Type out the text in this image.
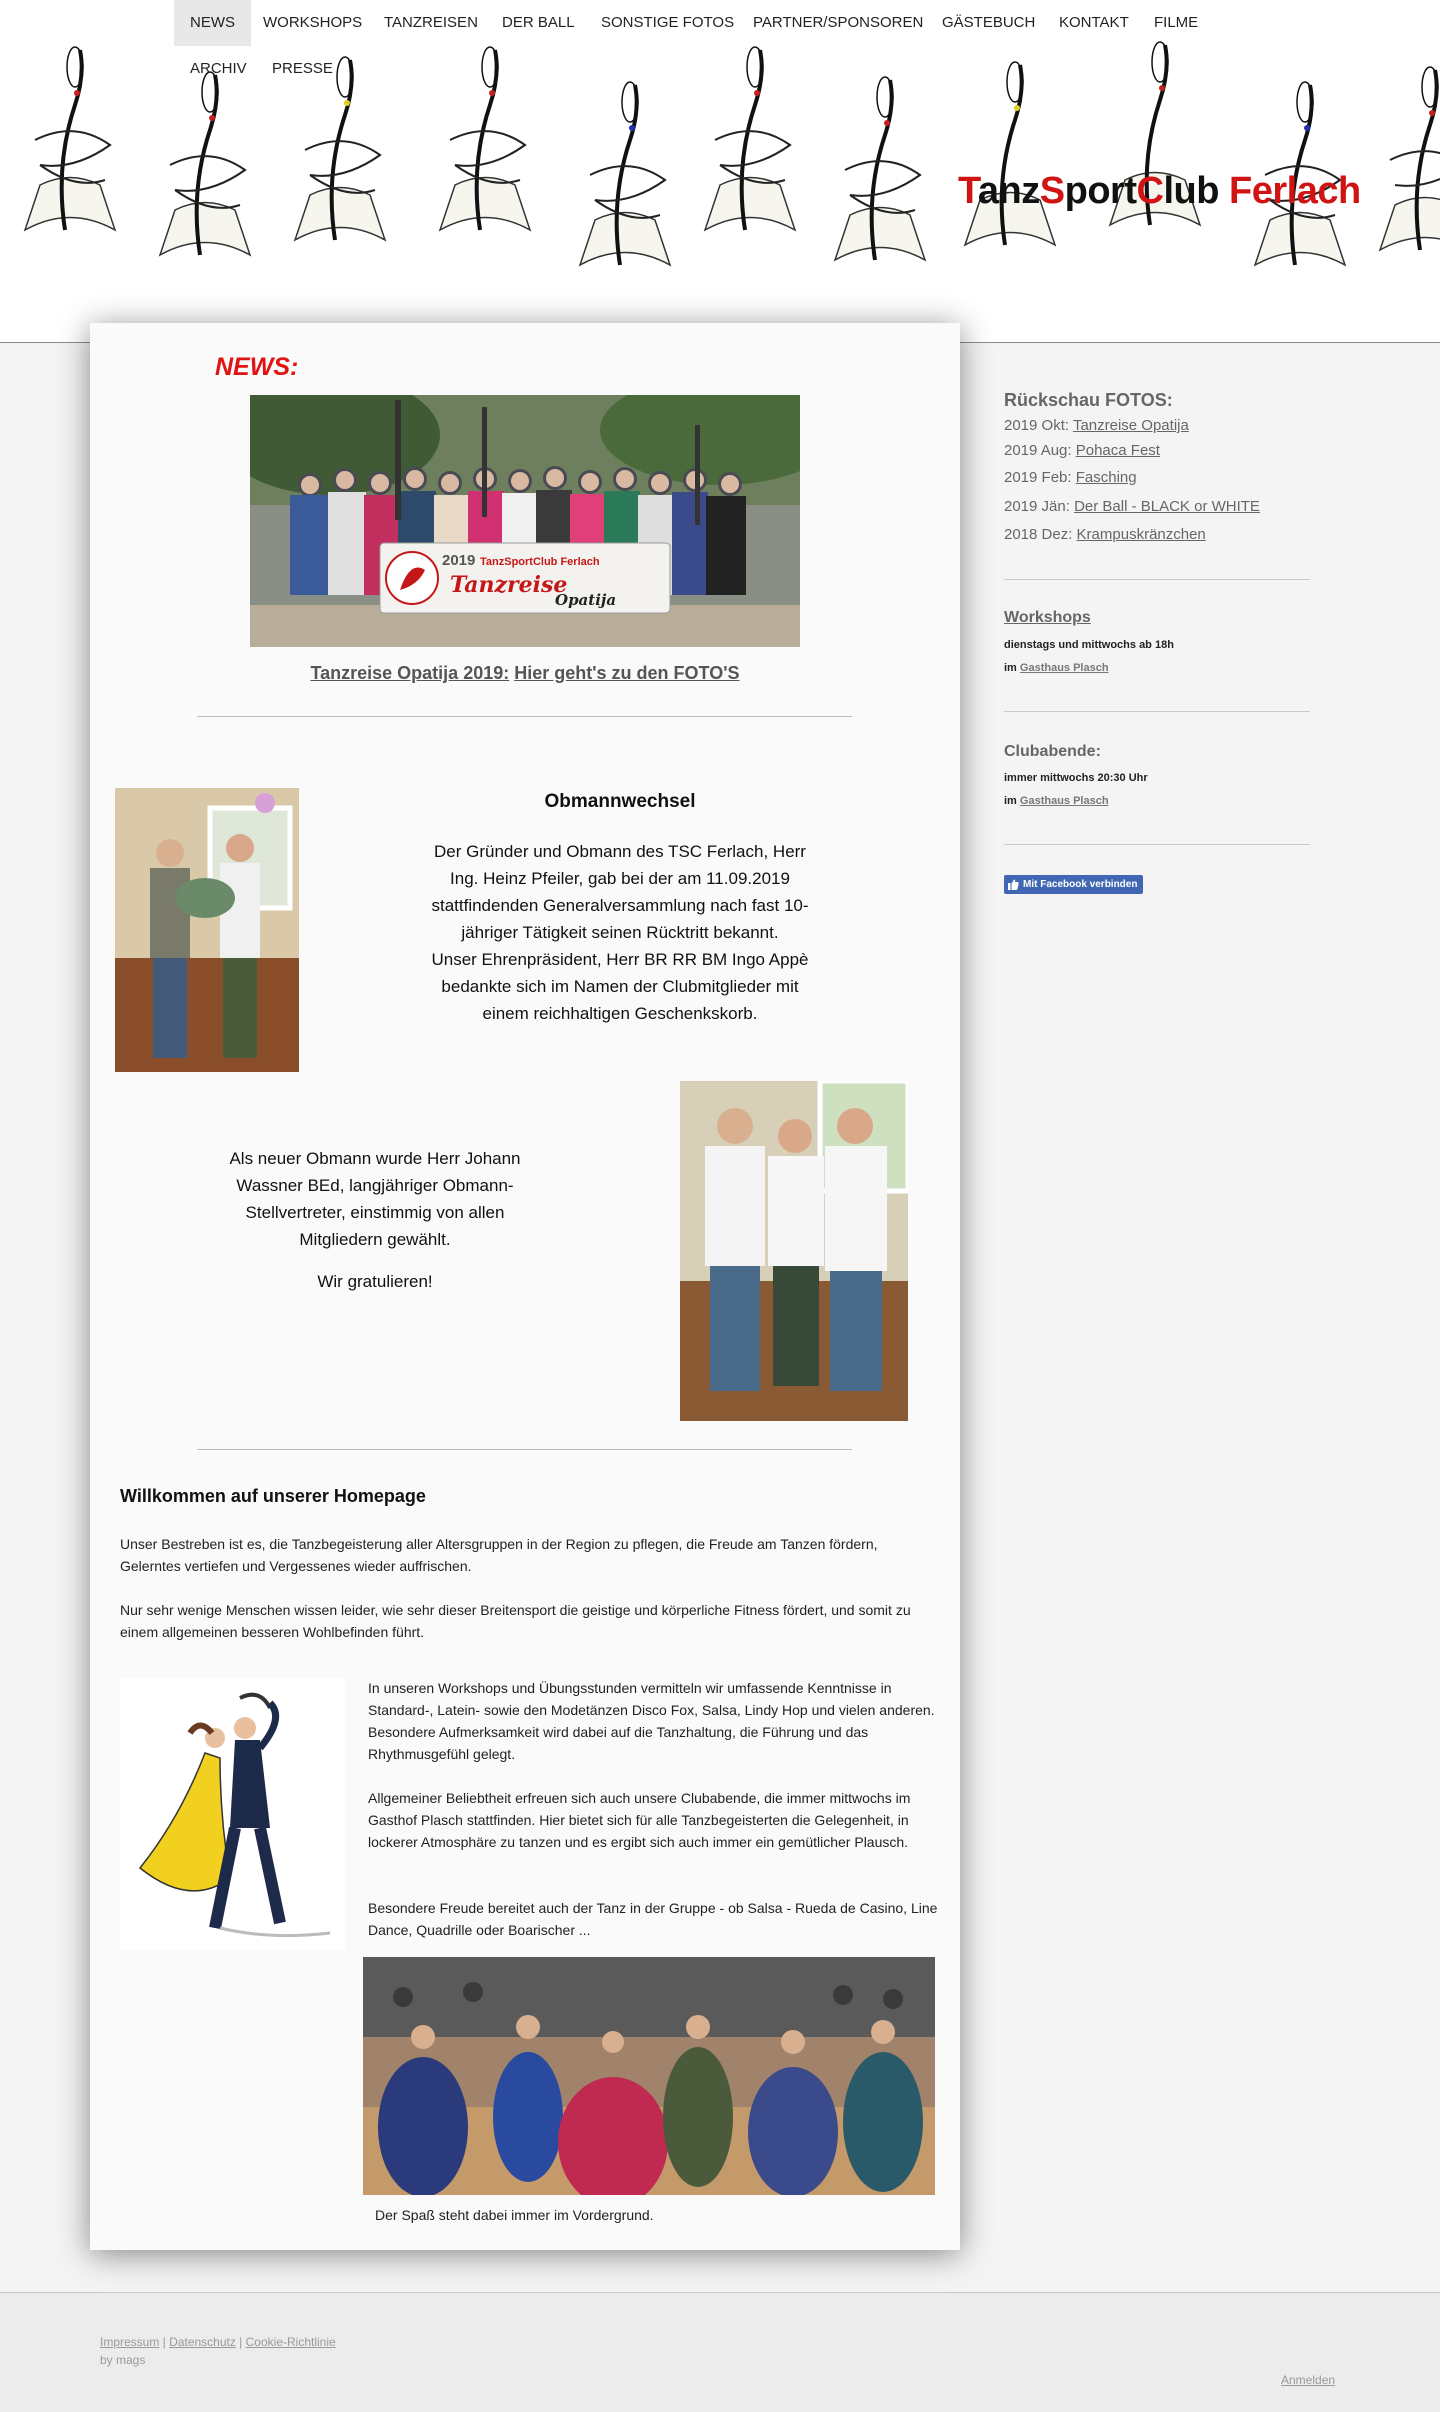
TanzSportClub Ferlach
NEWS	WORKSHOPS	TANZREISEN	DER BALL	SONSTIGE FOTOS	PARTNER/SPONSOREN	GÄSTEBUCH	KONTAKT	FILME
ARCHIV	PRESSE
NEWS:
2019 TanzSportClub Ferlach
Tanzreise
Opatija
Tanzreise Opatija 2019: Hier geht's zu den FOTO'S
Obmannwechsel
Der Gründer und Obmann des TSC Ferlach, Herr Ing. Heinz Pfeiler, gab bei der am 11.09.2019 stattfindenden Generalversammlung nach fast 10-jähriger Tätigkeit seinen Rücktritt bekannt.
Unser Ehrenpräsident, Herr BR RR BM Ingo Appè bedankte sich im Namen der Clubmitglieder mit einem reichhaltigen Geschenkskorb.

Als neuer Obmann wurde Herr Johann Wassner BEd, langjähriger Obmann-Stellvertreter, einstimmig von allen Mitgliedern gewählt.

Wir gratulieren!

Willkommen auf unserer Homepage

Unser Bestreben ist es, die Tanzbegeisterung aller Altersgruppen in der Region zu pflegen, die Freude am Tanzen fördern, Gelerntes vertiefen und Vergessenes wieder auffrischen.

Nur sehr wenige Menschen wissen leider, wie sehr dieser Breitensport die geistige und körperliche Fitness fördert, und somit zu einem allgemeinen besseren Wohlbefinden führt.

In unseren Workshops und Übungsstunden vermitteln wir umfassende Kenntnisse in Standard-, Latein- sowie den Modetänzen Disco Fox, Salsa, Lindy Hop und vielen anderen. Besondere Aufmerksamkeit wird dabei auf die Tanzhaltung, die Führung und das Rhythmusgefühl gelegt.

Allgemeiner Beliebtheit erfreuen sich auch unsere Clubabende, die immer mittwochs im Gasthof Plasch stattfinden. Hier bietet sich für alle Tanzbegeisterten die Gelegenheit, in lockerer Atmosphäre zu tanzen und es ergibt sich auch immer ein gemütlicher Plausch.

Besondere Freude bereitet auch der Tanz in der Gruppe - ob Salsa - Rueda de Casino, Line Dance, Quadrille oder Boarischer ...

Der Spaß steht dabei immer im Vordergrund.
Rückschau FOTOS:
2019 Okt: Tanzreise Opatija
2019 Aug: Pohaca Fest
2019 Feb: Fasching
2019 Jän: Der Ball - BLACK or WHITE
2018 Dez: Krampuskränzchen
Workshops
dienstags und mittwochs ab 18h
im Gasthaus Plasch
Clubabende:
immer mittwochs 20:30 Uhr
im Gasthaus Plasch
Mit Facebook verbinden
Impressum | Datenschutz | Cookie-Richtlinie
by mags
Anmelden
